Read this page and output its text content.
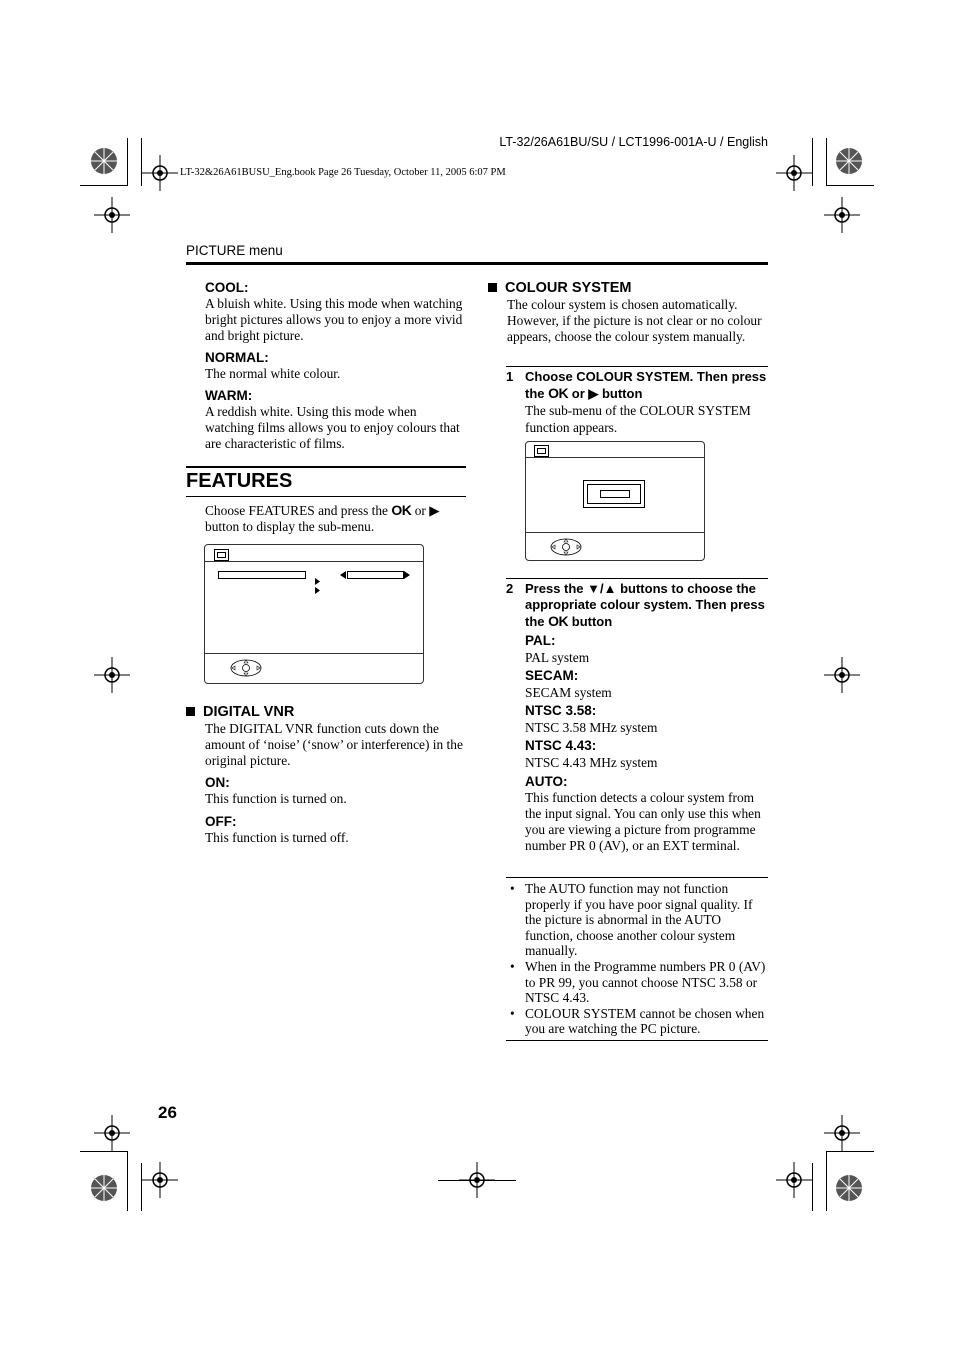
LT-32/26A61BU/SU / LCT1996-001A-U / English
LT-32&26A61BUSU_Eng.book Page 26 Tuesday, October 11, 2005 6:07 PM
PICTURE menu
COOL:
A bluish white. Using this mode when watching bright pictures allows you to enjoy a more vivid and bright picture.
NORMAL:
The normal white colour.
WARM:
A reddish white. Using this mode when watching films allows you to enjoy colours that are characteristic of films.
FEATURES
Choose FEATURES and press the OK or ▶
button to display the sub-menu.
DIGITAL VNR
The DIGITAL VNR function cuts down the amount of ‘noise’ (‘snow’ or interference) in the original picture.
ON:
This function is turned on.
OFF:
This function is turned off.
COLOUR SYSTEM
The colour system is chosen automatically. However, if the picture is not clear or no colour appears, choose the colour system manually.
1 Choose COLOUR SYSTEM. Then press the OK or ▶ button
The sub-menu of the COLOUR SYSTEM function appears.
2 Press the ▼/▲ buttons to choose the appropriate colour system. Then press the OK button
PAL:
PAL system
SECAM:
SECAM system
NTSC 3.58:
NTSC 3.58 MHz system
NTSC 4.43:
NTSC 4.43 MHz system
AUTO:
This function detects a colour system from the input signal. You can only use this when you are viewing a picture from programme number PR 0 (AV), or an EXT terminal.
• The AUTO function may not function properly if you have poor signal quality. If the picture is abnormal in the AUTO function, choose another colour system manually.
• When in the Programme numbers PR 0 (AV) to PR 99, you cannot choose NTSC 3.58 or NTSC 4.43.
• COLOUR SYSTEM cannot be chosen when you are watching the PC picture.
26
